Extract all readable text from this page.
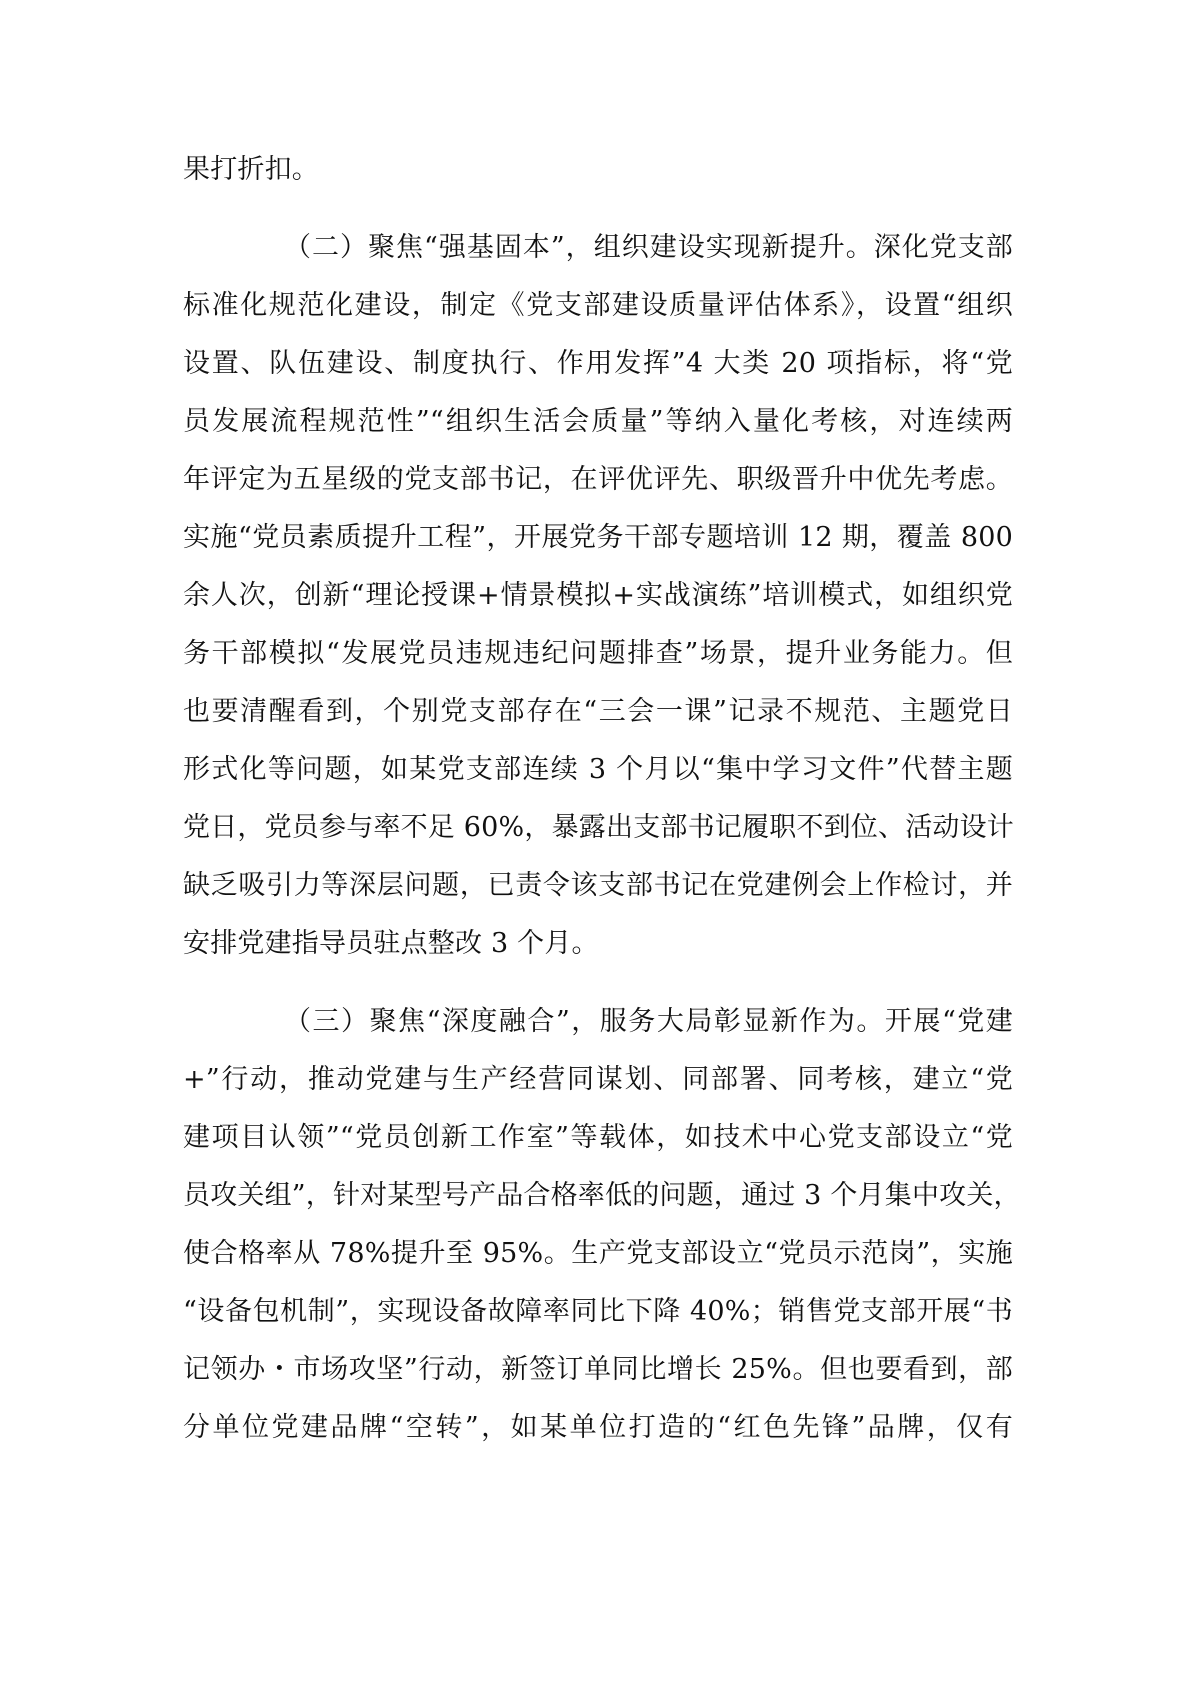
果打折扣。
（二）聚焦“强基固本”，组织建设实现新提升。深化党支部
标准化规范化建设，制定《党支部建设质量评估体系》，设置“组织
设置、队伍建设、制度执行、作用发挥”4 大类 20 项指标，将“党
员发展流程规范性”“组织生活会质量”等纳入量化考核，对连续两
年评定为五星级的党支部书记，在评优评先、职级晋升中优先考虑。
实施“党员素质提升工程”，开展党务干部专题培训 12 期，覆盖 800
余人次，创新“理论授课+情景模拟+实战演练”培训模式，如组织党
务干部模拟“发展党员违规违纪问题排查”场景，提升业务能力。但
也要清醒看到，个别党支部存在“三会一课”记录不规范、主题党日
形式化等问题，如某党支部连续 3 个月以“集中学习文件”代替主题
党日，党员参与率不足 60%，暴露出支部书记履职不到位、活动设计
缺乏吸引力等深层问题，已责令该支部书记在党建例会上作检讨，并
安排党建指导员驻点整改 3 个月。
（三）聚焦“深度融合”，服务大局彰显新作为。开展“党建
+”行动，推动党建与生产经营同谋划、同部署、同考核，建立“党
建项目认领”“党员创新工作室”等载体，如技术中心党支部设立“党
员攻关组”，针对某型号产品合格率低的问题，通过 3 个月集中攻关，
使合格率从 78%提升至 95%。生产党支部设立“党员示范岗”，实施
“设备包机制”，实现设备故障率同比下降 40%；销售党支部开展“书
记领办・市场攻坚”行动，新签订单同比增长 25%。但也要看到，部
分单位党建品牌“空转”，如某单位打造的“红色先锋”品牌，仅有
